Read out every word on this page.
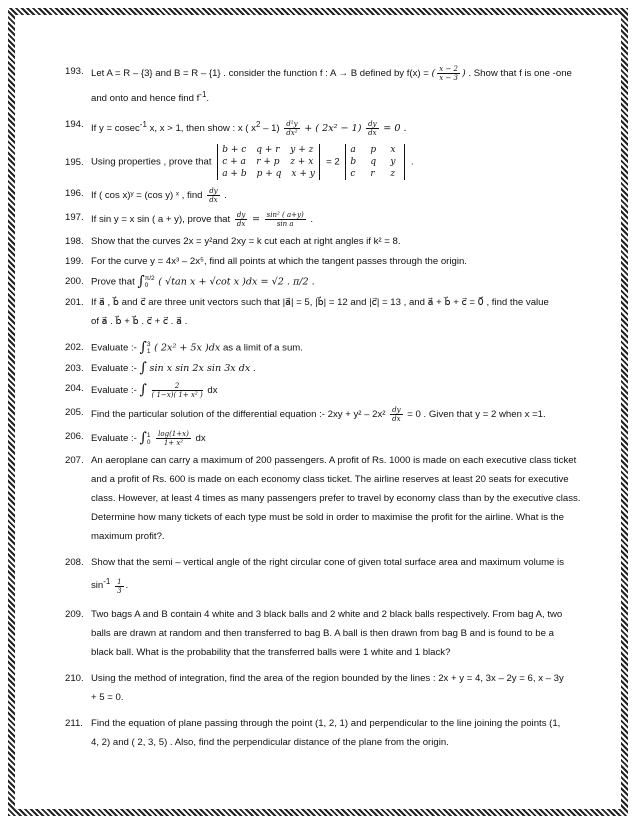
193. Let A = R – {3} and B = R – {1} . consider the function f : A → B defined by f(x) = ( $\frac{x - 2}{x - 3}$ ) . Show that f is one -one
and onto and hence find $f^{-1}$.
194. If y = cosec$^{-1}$ x, x > 1, then show : x ( $x^2 - 1) \frac{\text{d²y}}{\text{dx²}}$ + ( $2x^2 - 1) \frac{dy}{dx} = 0$ .
195. Using properties , prove that
b + c q + r y + z
c + a r + p z + x
a + b p + q x + y
= 2
a	p	x
b	q	y
c	r	z
.
196. If ( cos x)ʸ = (cos y) ˣ , find $\frac{dy}{dx}$ .
197. If sin y = x sin ( a + y), prove that $\frac{dy}{dx} = \frac{\text{sin² ( a+y)}}{\text{sin a}}$ .
198. Show that the curves 2x = y²and 2xy = k cut each at right angles if k² = 8.
199. For the curve y = 4x³ – 2x⁵, find all points at which the tangent passes through the origin.
200. Prove that ∫ π/2
0	( √tan x + √cot x )dx = √2 . π/2 .
201. If a⃗ , b⃗ and c⃗ are three unit vectors such that |a⃗| = 5, |b⃗| = 12 and |c⃗| = 13 , and a⃗ + b⃗ + c⃗ = 0⃗ , find the value
of a⃗ . b⃗ + b⃗ . c⃗ + c⃗ . a⃗ .
202. Evaluate :- ∫ 3
1 ( 2x² + 5x )dx as a limit of a sum.
203. Evaluate :- ∫ sin x sin 2x sin 3x dx .
204. Evaluate :- ∫ $\frac{2}{\text{( 1−x)( 1+ x² )}}$ dx
205. Find the particular solution of the differential equation :- $2xy + y^2 - 2x^2 \frac{dy}{dx} = 0$ . Given that y = 2 when x =1.
206. Evaluate :- ∫ 1
0
$\frac{\log(1+x)}{\text{1+ x²}}$ dx
207. An aeroplane can carry a maximum of 200 passengers. A profit of Rs. 1000 is made on each executive class ticket
and a profit of Rs. 600 is made on each economy class ticket. The airline reserves at least 20 seats for executive
class. However, at least 4 times as many passengers prefer to travel by economy class than by the executive class.
Determine how many tickets of each type must be sold in order to maximise the profit for the airline. What is the
maximum profit?.
208. Show that the semi – vertical angle of the right circular cone of given total surface area and maximum volume is
$\sin^{-1} \frac{1}{3}$ .
209. Two bags A and B contain 4 white and 3 black balls and 2 white and 2 black balls respectively. From bag A, two
balls are drawn at random and then transferred to bag B. A ball is then drawn from bag B and is found to be a
black ball. What is the probability that the transferred balls were 1 white and 1 black?
210. Using the method of integration, find the area of the region bounded by the lines : 2x + y = 4, 3x – 2y = 6, x – 3y
+ 5 = 0.
211. Find the equation of plane passing through the point (1, 2, 1) and perpendicular to the line joining the points (1,
4, 2) and ( 2, 3, 5) . Also, find the perpendicular distance of the plane from the origin.
